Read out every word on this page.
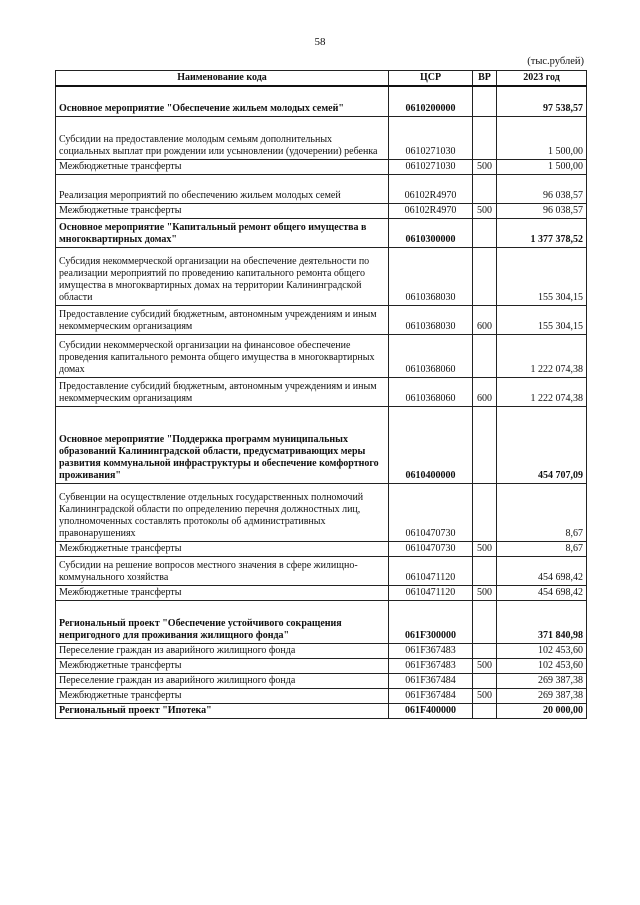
58
(тыс.рублей)
Наименование кода	ЦСР	ВР	2023 год
Основное мероприятие "Обеспечение жильем молодых семей"	0610200000		97 538,57
Субсидии на предоставление молодым семьям дополнительных социальных выплат при рождении или усыновлении (удочерении) ребенка	0610271030		1 500,00
Межбюджетные трансферты	0610271030	500	1 500,00
Реализация мероприятий по обеспечению жильем молодых семей	06102R4970		96 038,57
Межбюджетные трансферты	06102R4970	500	96 038,57
Основное мероприятие "Капитальный ремонт общего имущества в многоквартирных домах"	0610300000		1 377 378,52
Субсидия некоммерческой организации на обеспечение деятельности по реализации мероприятий по проведению капитального ремонта общего имущества в многоквартирных домах на территории Калининградской области	0610368030		155 304,15
Предоставление субсидий бюджетным, автономным учреждениям и иным некоммерческим организациям	0610368030	600	155 304,15
Субсидии некоммерческой организации на финансовое обеспечение проведения капитального ремонта общего имущества в многоквартирных домах	0610368060		1 222 074,38
Предоставление субсидий бюджетным, автономным учреждениям и иным некоммерческим организациям	0610368060	600	1 222 074,38
Основное мероприятие "Поддержка программ муниципальных образований Калининградской области, предусматривающих меры развития коммунальной инфраструктуры и обеспечение комфортного проживания"	0610400000		454 707,09
Субвенции на осуществление отдельных государственных полномочий Калининградской области по определению перечня должностных лиц, уполномоченных составлять протоколы об административных правонарушениях	0610470730		8,67
Межбюджетные трансферты	0610470730	500	8,67
Субсидии на решение вопросов местного значения в сфере жилищно-коммунального хозяйства	0610471120		454 698,42
Межбюджетные трансферты	0610471120	500	454 698,42
Региональный проект "Обеспечение устойчивого сокращения непригодного для проживания жилищного фонда"	061F300000		371 840,98
Переселение граждан из аварийного жилищного фонда	061F367483		102 453,60
Межбюджетные трансферты	061F367483	500	102 453,60
Переселение граждан из аварийного жилищного фонда	061F367484		269 387,38
Межбюджетные трансферты	061F367484	500	269 387,38
Региональный проект "Ипотека"	061F400000		20 000,00
